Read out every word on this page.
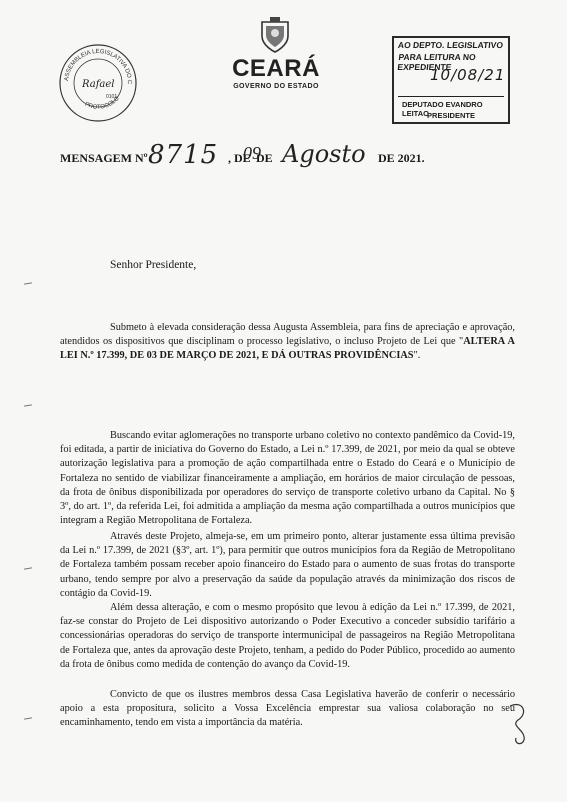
ASSEMBLEIA LEGISLATIVA DO C
PROTOCOLO
Rafael
0101
CEARÁ
GOVERNO DO ESTADO
AO DEPTO. LEGISLATIVO
PARA LEITURA NO EXPEDIENTE
10/08/21
DEPUTADO EVANDRO LEITAO
PRESIDENTE
MENSAGEM Nº 8715 , DE
09
DE Agosto DE 2021.
Senhor Presidente,

Submeto à elevada consideração dessa Augusta Assembleia, para fins de apreciação e aprovação, atendidos os dispositivos que disciplinam o processo legislativo, o incluso Projeto de Lei que "ALTERA A LEI N.º 17.399, DE 03 DE MARÇO DE 2021, E DÁ OUTRAS PROVIDÊNCIAS".

Buscando evitar aglomerações no transporte urbano coletivo no contexto pandêmico da Covid-19, foi editada, a partir de iniciativa do Governo do Estado, a Lei n.º 17.399, de 2021, por meio da qual se obteve autorização legislativa para a promoção de ação compartilhada entre o Estado do Ceará e o Município de Fortaleza no sentido de viabilizar financeiramente a ampliação, em horários de maior circulação de pessoas, da frota de ônibus disponibilizada por operadores do serviço de transporte coletivo urbano da Capital. No § 3º, do art. 1º, da referida Lei, foi admitida a ampliação da mesma ação compartilhada a outros municípios que integram a Região Metropolitana de Fortaleza.

Através deste Projeto, almeja-se, em um primeiro ponto, alterar justamente essa última previsão da Lei n.º 17.399, de 2021 (§3º, art. 1º), para permitir que outros municípios fora da Região de Metropolitano de Fortaleza também possam receber apoio financeiro do Estado para o aumento de suas frotas do transporte urbano, tendo sempre por alvo a preservação da saúde da população através da minimização dos riscos de contágio da Covid-19.

Além dessa alteração, e com o mesmo propósito que levou à edição da Lei n.º 17.399, de 2021, faz-se constar do Projeto de Lei dispositivo autorizando o Poder Executivo a conceder subsídio tarifário a concessionárias operadoras do serviço de transporte intermunicipal de passageiros na Região Metropolitana de Fortaleza que, antes da aprovação deste Projeto, tenham, a pedido do Poder Público, procedido ao aumento da frota de ônibus como medida de contenção do avanço da Covid-19.

Convicto de que os ilustres membros dessa Casa Legislativa haverão de conferir o necessário apoio a esta propositura, solicito a Vossa Excelência emprestar sua valiosa colaboração no seu encaminhamento, tendo em vista a importância da matéria.
